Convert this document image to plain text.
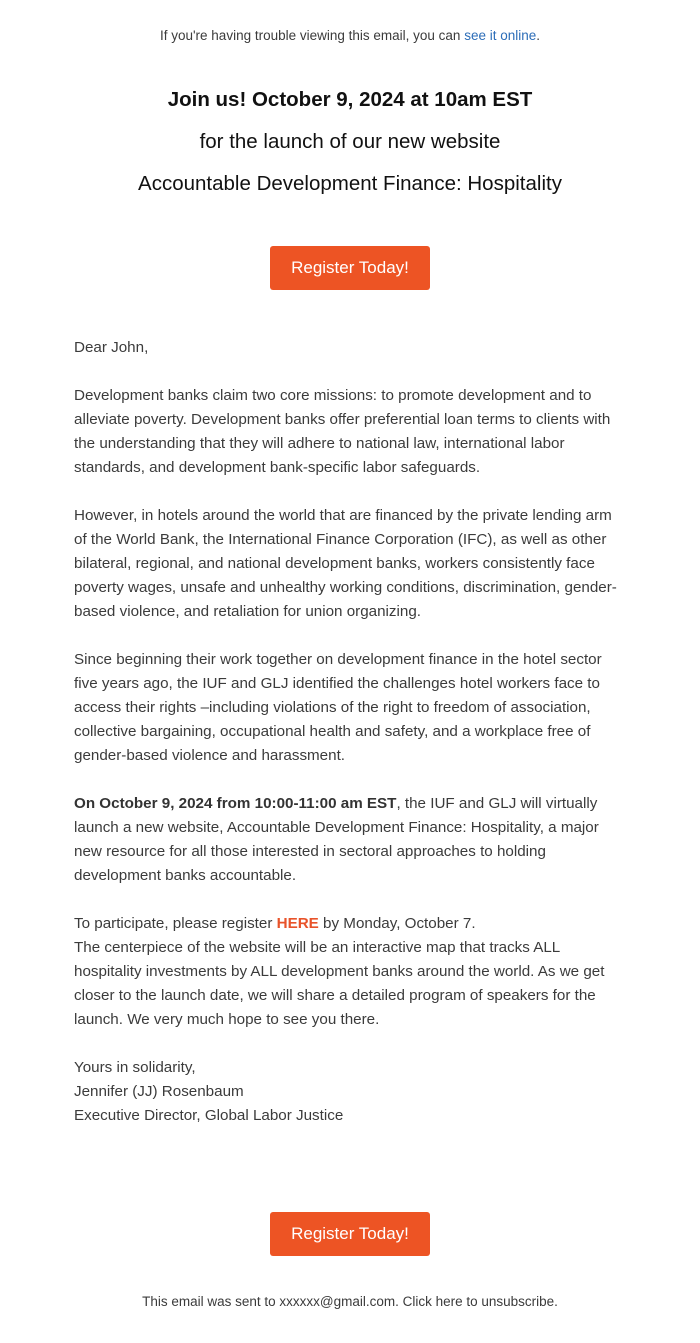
If you're having trouble viewing this email, you can see it online.
Join us! October 9, 2024 at 10am EST
for the launch of our new website
Accountable Development Finance: Hospitality
Register Today!

Dear John,

Development banks claim two core missions: to promote development and to alleviate poverty. Development banks offer preferential loan terms to clients with the understanding that they will adhere to national law, international labor standards, and development bank-specific labor safeguards.

However, in hotels around the world that are financed by the private lending arm of the World Bank, the International Finance Corporation (IFC), as well as other bilateral, regional, and national development banks, workers consistently face poverty wages, unsafe and unhealthy working conditions, discrimination, gender-based violence, and retaliation for union organizing.

Since beginning their work together on development finance in the hotel sector five years ago, the IUF and GLJ identified the challenges hotel workers face to access their rights –including violations of the right to freedom of association, collective bargaining, occupational health and safety, and a workplace free of gender-based violence and harassment.

On October 9, 2024 from 10:00-11:00 am EST, the IUF and GLJ will virtually launch a new website, Accountable Development Finance: Hospitality, a major new resource for all those interested in sectoral approaches to holding development banks accountable.

To participate, please register HERE by Monday, October 7.
The centerpiece of the website will be an interactive map that tracks ALL hospitality investments by ALL development banks around the world. As we get closer to the launch date, we will share a detailed program of speakers for the launch. We very much hope to see you there.

Yours in solidarity,
Jennifer (JJ) Rosenbaum
Executive Director, Global Labor Justice

Register Today!
This email was sent to xxxxxx@gmail.com. Click here to unsubscribe.
